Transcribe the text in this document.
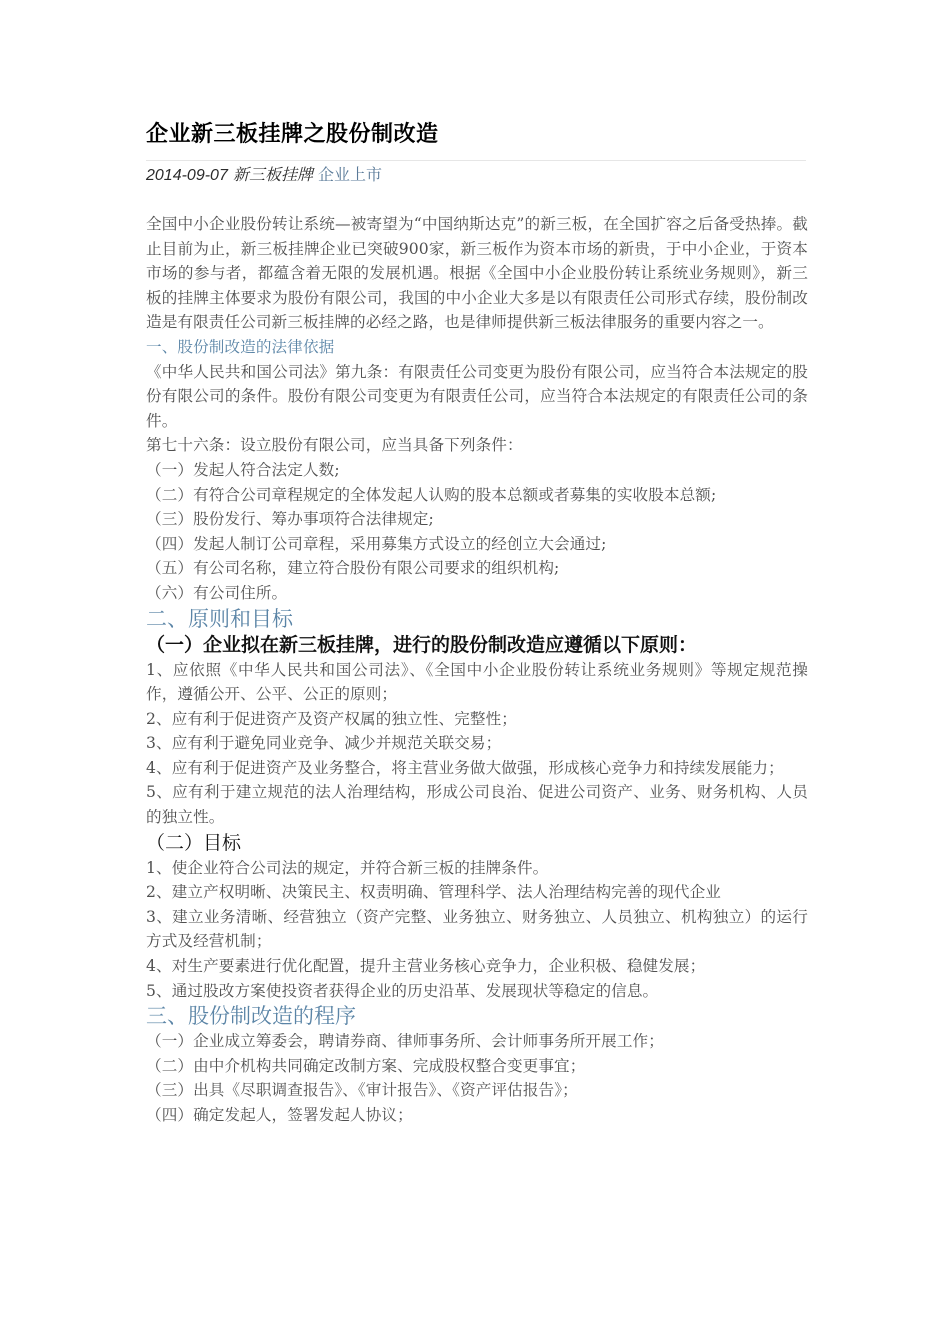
企业新三板挂牌之股份制改造
2014-09-07 新三板挂牌 企业上市

全国中小企业股份转让系统—被寄望为“中国纳斯达克”的新三板，在全国扩容之后备受热捧。截止目前为止，新三板挂牌企业已突破900家，新三板作为资本市场的新贵，于中小企业，于资本市场的参与者，都蕴含着无限的发展机遇。根据《全国中小企业股份转让系统业务规则》，新三板的挂牌主体要求为股份有限公司，我国的中小企业大多是以有限责任公司形式存续，股份制改造是有限责任公司新三板挂牌的必经之路，也是律师提供新三板法律服务的重要内容之一。

一、股份制改造的法律依据

《中华人民共和国公司法》第九条：有限责任公司变更为股份有限公司，应当符合本法规定的股份有限公司的条件。股份有限公司变更为有限责任公司，应当符合本法规定的有限责任公司的条件。

第七十六条：设立股份有限公司，应当具备下列条件：

（一）发起人符合法定人数;

（二）有符合公司章程规定的全体发起人认购的股本总额或者募集的实收股本总额;

（三）股份发行、筹办事项符合法律规定;

（四）发起人制订公司章程，采用募集方式设立的经创立大会通过;

（五）有公司名称，建立符合股份有限公司要求的组织机构;

（六）有公司住所。

二、原则和目标
（一）企业拟在新三板挂牌，进行的股份制改造应遵循以下原则：

1、应依照《中华人民共和国公司法》、《全国中小企业股份转让系统业务规则》等规定规范操作，遵循公开、公平、公正的原则；

2、应有利于促进资产及资产权属的独立性、完整性；

3、应有利于避免同业竞争、减少并规范关联交易；

4、应有利于促进资产及业务整合，将主营业务做大做强，形成核心竞争力和持续发展能力；

5、应有利于建立规范的法人治理结构，形成公司良治、促进公司资产、业务、财务机构、人员的独立性。

（二）目标

1、使企业符合公司法的规定，并符合新三板的挂牌条件。

2、建立产权明晰、决策民主、权责明确、管理科学、法人治理结构完善的现代企业

3、建立业务清晰、经营独立（资产完整、业务独立、财务独立、人员独立、机构独立）的运行方式及经营机制；

4、对生产要素进行优化配置，提升主营业务核心竞争力，企业积极、稳健发展；

5、通过股改方案使投资者获得企业的历史沿革、发展现状等稳定的信息。

三、股份制改造的程序

（一）企业成立筹委会，聘请券商、律师事务所、会计师事务所开展工作；

（二）由中介机构共同确定改制方案、完成股权整合变更事宜；

（三）出具《尽职调查报告》、《审计报告》、《资产评估报告》；

（四）确定发起人，签署发起人协议；
